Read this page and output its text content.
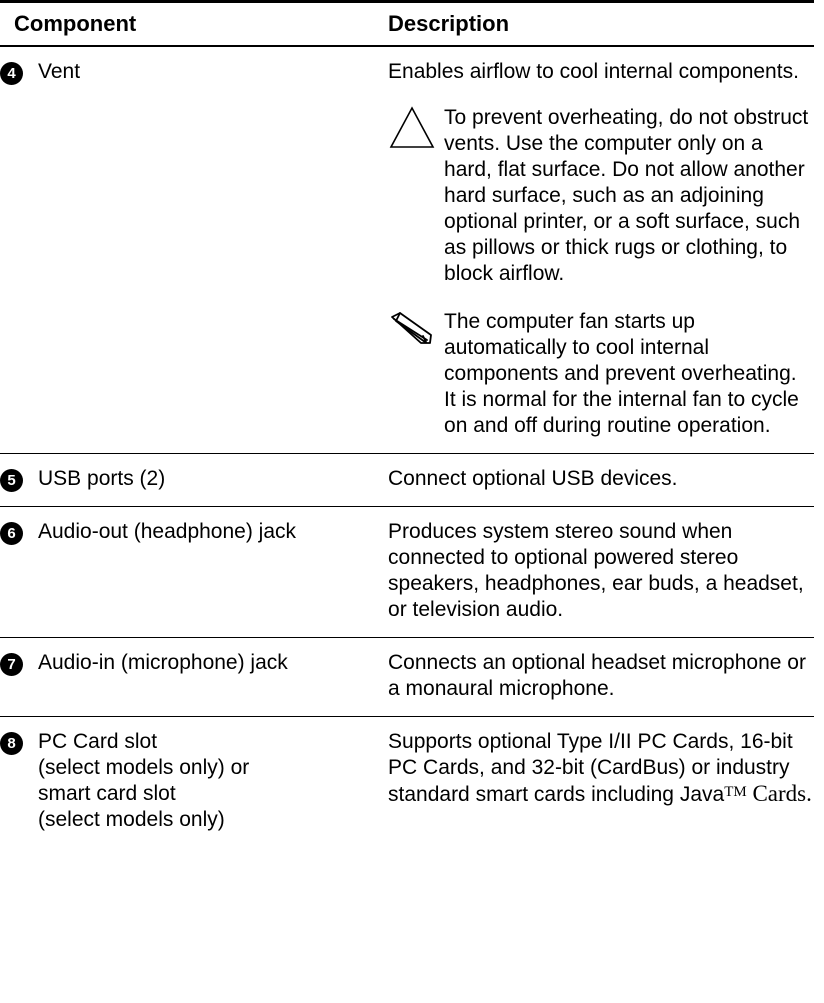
Component		Description
4	Vent	Enables airflow to cool internal components.
To prevent overheating, do not obstruct vents. Use the computer only on a hard, flat surface. Do not allow another hard surface, such as an adjoining optional printer, or a soft surface, such as pillows or thick rugs or clothing, to block airflow.
The computer fan starts up automatically to cool internal components and prevent overheating. It is normal for the internal fan to cycle on and off during routine operation.

5	USB ports (2)	Connect optional USB devices.

6	Audio-out (headphone) jack	Produces system stereo sound when connected to optional powered stereo speakers, headphones, ear buds, a headset, or television audio.

7	Audio-in (microphone) jack	Connects an optional headset microphone or a monaural microphone.

8	PC Card slot
(select models only) or
smart card slot
(select models only)	Supports optional Type I/II PC Cards, 16-bit PC Cards, and 32-bit (CardBus) or industry standard smart cards including Java™ Cards.
